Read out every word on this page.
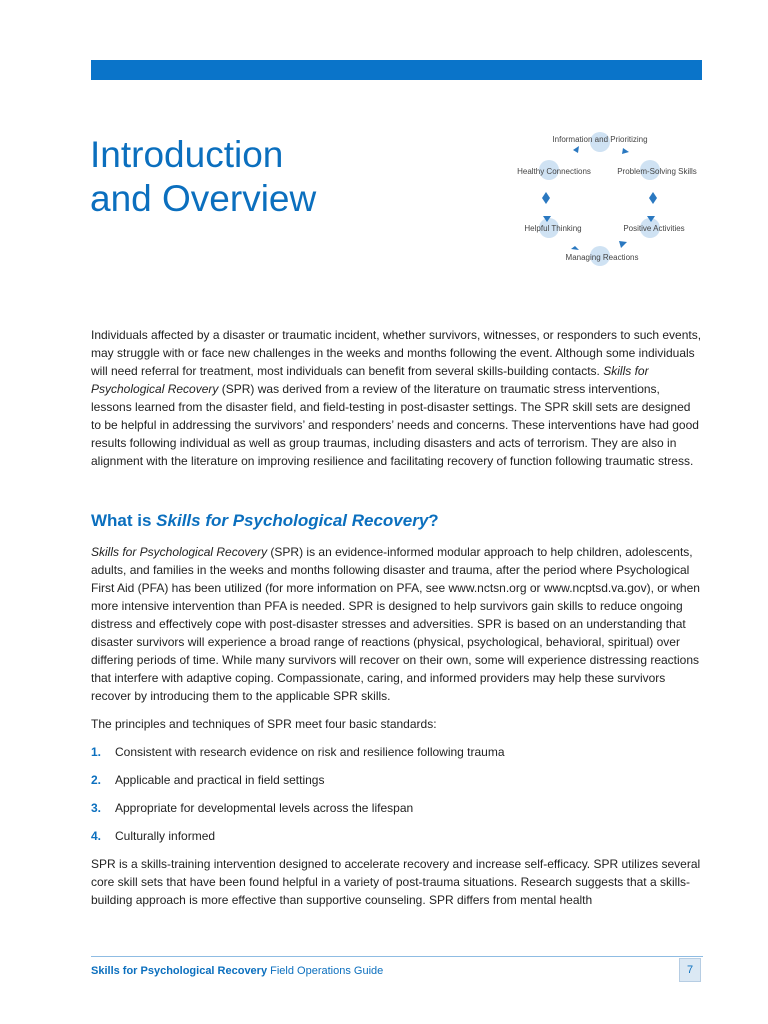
Introduction
and Overview
Information and Prioritizing
Problem-Solving Skills
Positive Activities
Managing Reactions
Helpful Thinking
Healthy Connections

Individuals affected by a disaster or traumatic incident, whether survivors, witnesses, or responders to such events, may struggle with or face new challenges in the weeks and months following the event. Although some individuals will need referral for treatment, most individuals can benefit from several skills-building contacts. Skills for Psychological Recovery (SPR) was derived from a review of the literature on traumatic stress interventions, lessons learned from the disaster field, and field-testing in post-disaster settings. The SPR skill sets are designed to be helpful in addressing the survivors’ and responders’ needs and concerns. These interventions have had good results following individual as well as group traumas, including disasters and acts of terrorism. They are also in alignment with the literature on improving resilience and facilitating recovery of function following traumatic stress.

What is Skills for Psychological Recovery?

Skills for Psychological Recovery (SPR) is an evidence-informed modular approach to help children, adolescents, adults, and families in the weeks and months following disaster and trauma, after the period where Psychological First Aid (PFA) has been utilized (for more information on PFA, see www.nctsn.org or www.ncptsd.va.gov), or when more intensive intervention than PFA is needed. SPR is designed to help survivors gain skills to reduce ongoing distress and effectively cope with post-disaster stresses and adversities. SPR is based on an understanding that disaster survivors will experience a broad range of reactions (physical, psychological, behavioral, spiritual) over differing periods of time. While many survivors will recover on their own, some will experience distressing reactions that interfere with adaptive coping. Compassionate, caring, and informed providers may help these survivors recover by introducing them to the applicable SPR skills.

The principles and techniques of SPR meet four basic standards:

1.	Consistent with research evidence on risk and resilience following trauma
2.	Applicable and practical in field settings
3.	Appropriate for developmental levels across the lifespan
4.	Culturally informed

SPR is a skills-training intervention designed to accelerate recovery and increase self-efficacy. SPR utilizes several core skill sets that have been found helpful in a variety of post-trauma situations. Research suggests that a skills-building approach is more effective than supportive counseling. SPR differs from mental health

Skills for Psychological Recovery Field Operations Guide	7
